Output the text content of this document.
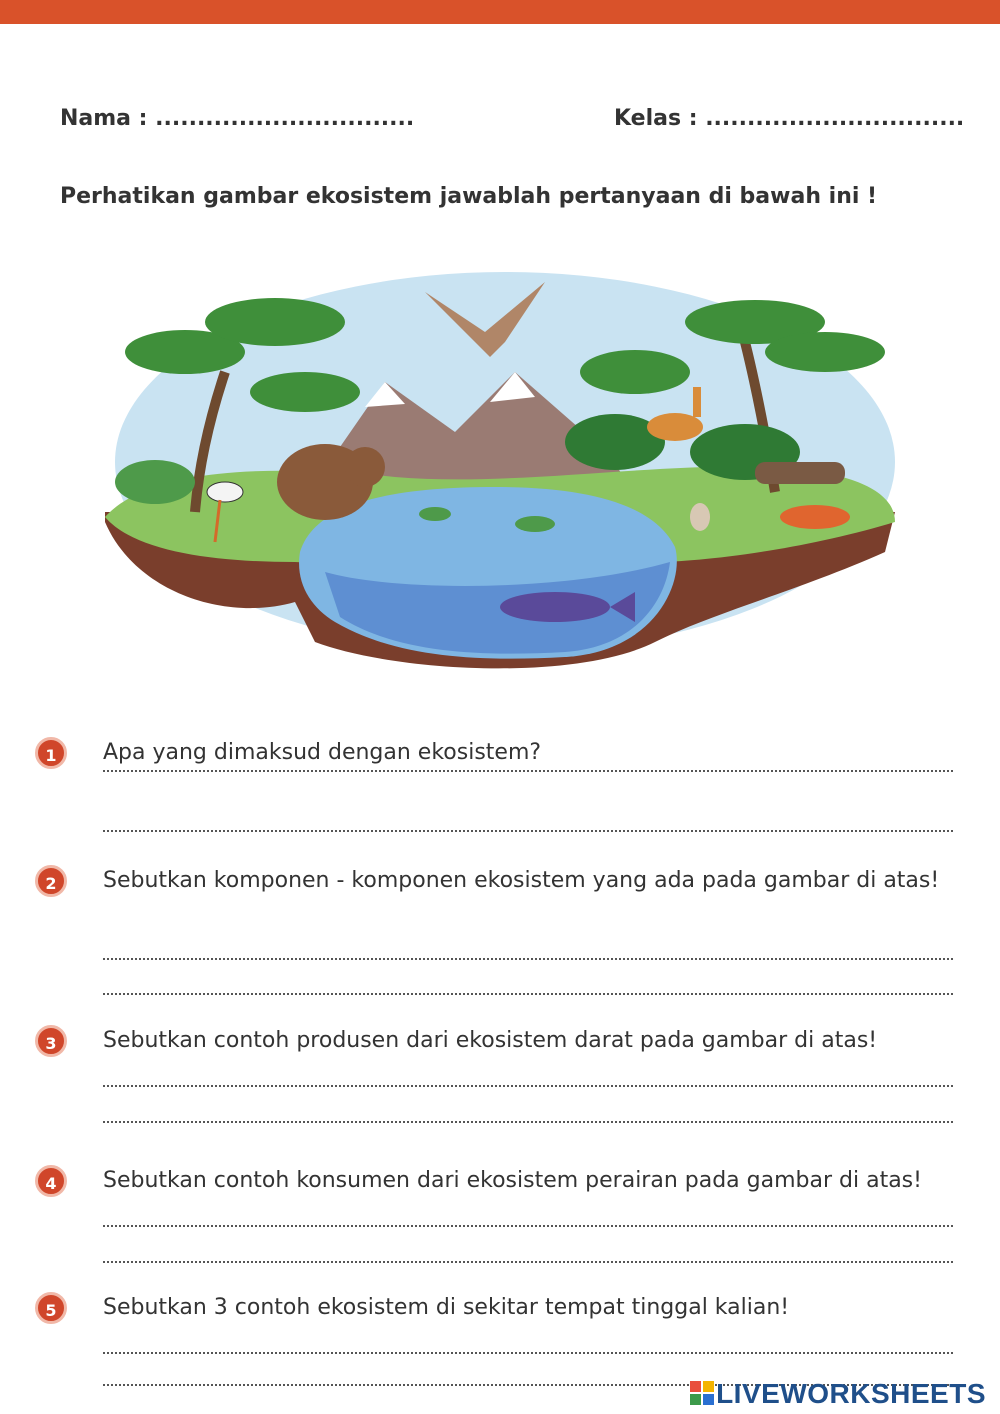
Nama : ...............................	Kelas : ...............................
Perhatikan gambar ekosistem jawablah pertanyaan di bawah ini !
1	Apa yang dimaksud dengan ekosistem?
2	Sebutkan komponen - komponen ekosistem yang ada pada gambar di atas!
3	Sebutkan contoh produsen dari ekosistem darat pada gambar di atas!
4	Sebutkan contoh konsumen dari ekosistem perairan pada gambar di atas!
5	Sebutkan 3 contoh ekosistem di sekitar tempat tinggal kalian!
LIVEWORKSHEETS
